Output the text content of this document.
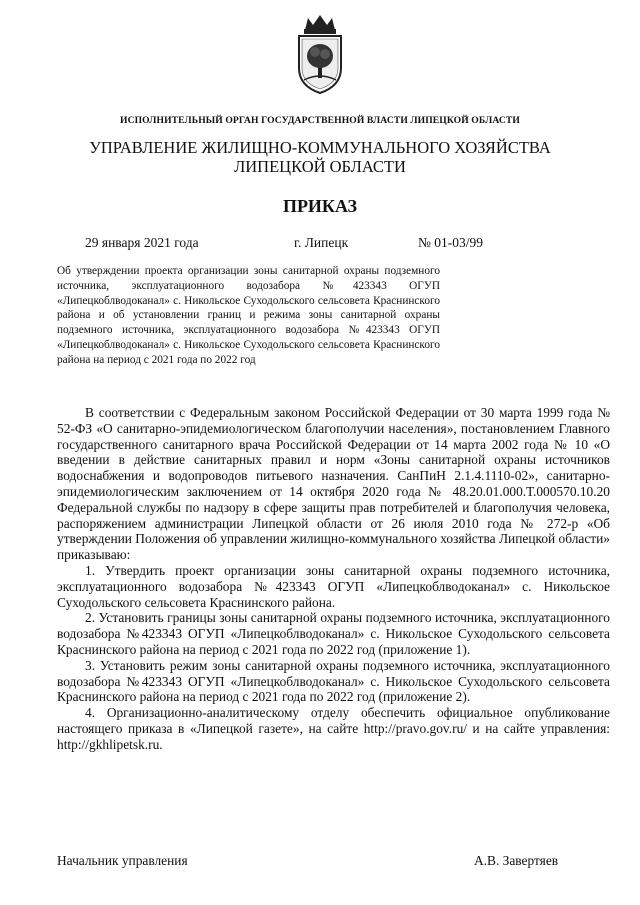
ИСПОЛНИТЕЛЬНЫЙ ОРГАН ГОСУДАРСТВЕННОЙ ВЛАСТИ ЛИПЕЦКОЙ ОБЛАСТИ
УПРАВЛЕНИЕ ЖИЛИЩНО-КОММУНАЛЬНОГО ХОЗЯЙСТВА
ЛИПЕЦКОЙ ОБЛАСТИ
ПРИКАЗ
29 января 2021 года	г. Липецк	№ 01-03/99
Об утверждении проекта организации зоны санитарной охраны подземного источника, эксплуатационного водозабора №423343 ОГУП «Липецкоблводоканал» с. Никольское Суходольского сельсовета Краснинского района и об установлении границ и режима зоны санитарной охраны подземного источника, эксплуатационного водозабора №423343 ОГУП «Липецкоблводоканал» с. Никольское Суходольского сельсовета Краснинского района на период с 2021 года по 2022 год

В соответствии с Федеральным законом Российской Федерации от 30 марта 1999 года № 52-ФЗ «О санитарно-эпидемиологическом благополучии населения», постановлением Главного государственного санитарного врача Российской Федерации от 14 марта 2002 года № 10 «О введении в действие санитарных правил и норм «Зоны санитарной охраны источников водоснабжения и водопроводов питьевого назначения. СанПиН 2.1.4.1110-02», санитарно-эпидемиологическим заключением от 14 октября 2020 года № 48.20.01.000.Т.000570.10.20 Федеральной службы по надзору в сфере защиты прав потребителей и благополучия человека, распоряжением администрации Липецкой области от 26 июля 2010 года № 272-р «Об утверждении Положения об управлении жилищно-коммунального хозяйства Липецкой области» приказываю:

1. Утвердить проект организации зоны санитарной охраны подземного источника, эксплуатационного водозабора №423343 ОГУП «Липецкоблводоканал» с. Никольское Суходольского сельсовета Краснинского района.

2. Установить границы зоны санитарной охраны подземного источника, эксплуатационного водозабора №423343 ОГУП «Липецкоблводоканал» с. Никольское Суходольского сельсовета Краснинского района на период с 2021 года по 2022 год (приложение 1).

3. Установить режим зоны санитарной охраны подземного источника, эксплуатационного водозабора №423343 ОГУП «Липецкоблводоканал» с. Никольское Суходольского сельсовета Краснинского района на период с 2021 года по 2022 год (приложение 2).

4. Организационно-аналитическому отделу обеспечить официальное опубликование настоящего приказа в «Липецкой газете», на сайте http://pravo.gov.ru/ и на сайте управления: http://gkhlipetsk.ru.

Начальник управления	А.В. Завертяев
